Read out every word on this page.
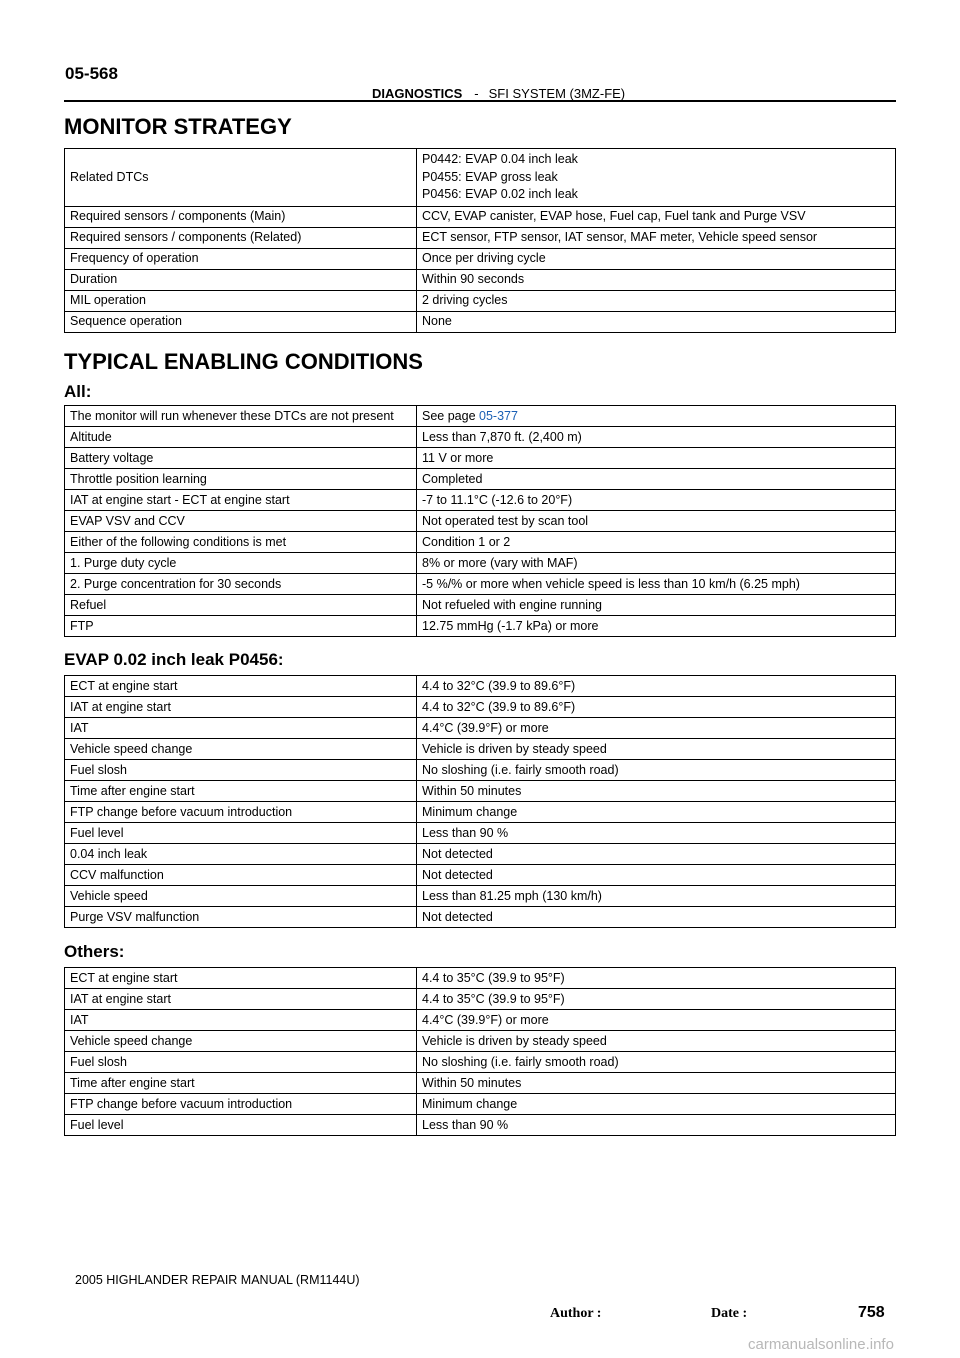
05-568
DIAGNOSTICS - SFI SYSTEM (3MZ-FE)
MONITOR STRATEGY
Related DTCs	P0442: EVAP 0.04 inch leak
P0455: EVAP gross leak
P0456: EVAP 0.02 inch leak

Required sensors / components (Main)	CCV, EVAP canister, EVAP hose, Fuel cap, Fuel tank and Purge VSV
Required sensors / components (Related)	ECT sensor, FTP sensor, IAT sensor, MAF meter, Vehicle speed sensor
Frequency of operation	Once per driving cycle
Duration	Within 90 seconds
MIL operation	2 driving cycles
Sequence operation	None
TYPICAL ENABLING CONDITIONS
All:
The monitor will run whenever these DTCs are not present	See page 05-377
Altitude	Less than 7,870 ft. (2,400 m)
Battery voltage	11 V or more
Throttle position learning	Completed
IAT at engine start - ECT at engine start	-7 to 11.1°C (-12.6 to 20°F)
EVAP VSV and CCV	Not operated test by scan tool
Either of the following conditions is met	Condition 1 or 2
1. Purge duty cycle	8% or more (vary with MAF)
2. Purge concentration for 30 seconds	-5 %/% or more when vehicle speed is less than 10 km/h (6.25 mph)
Refuel	Not refueled with engine running
FTP	12.75 mmHg (-1.7 kPa) or more
EVAP 0.02 inch leak P0456:
ECT at engine start	4.4 to 32°C (39.9 to 89.6°F)
IAT at engine start	4.4 to 32°C (39.9 to 89.6°F)
IAT	4.4°C (39.9°F) or more
Vehicle speed change	Vehicle is driven by steady speed
Fuel slosh	No sloshing (i.e. fairly smooth road)
Time after engine start	Within 50 minutes
FTP change before vacuum introduction	Minimum change
Fuel level	Less than 90 %
0.04 inch leak	Not detected
CCV malfunction	Not detected
Vehicle speed	Less than 81.25 mph (130 km/h)
Purge VSV malfunction	Not detected
Others:
ECT at engine start	4.4 to 35°C (39.9 to 95°F)
IAT at engine start	4.4 to 35°C (39.9 to 95°F)
IAT	4.4°C (39.9°F) or more
Vehicle speed change	Vehicle is driven by steady speed
Fuel slosh	No sloshing (i.e. fairly smooth road)
Time after engine start	Within 50 minutes
FTP change before vacuum introduction	Minimum change
Fuel level	Less than 90 %
2005 HIGHLANDER REPAIR MANUAL (RM1144U)
Author :	Date :	758
carmanualsonline.info
